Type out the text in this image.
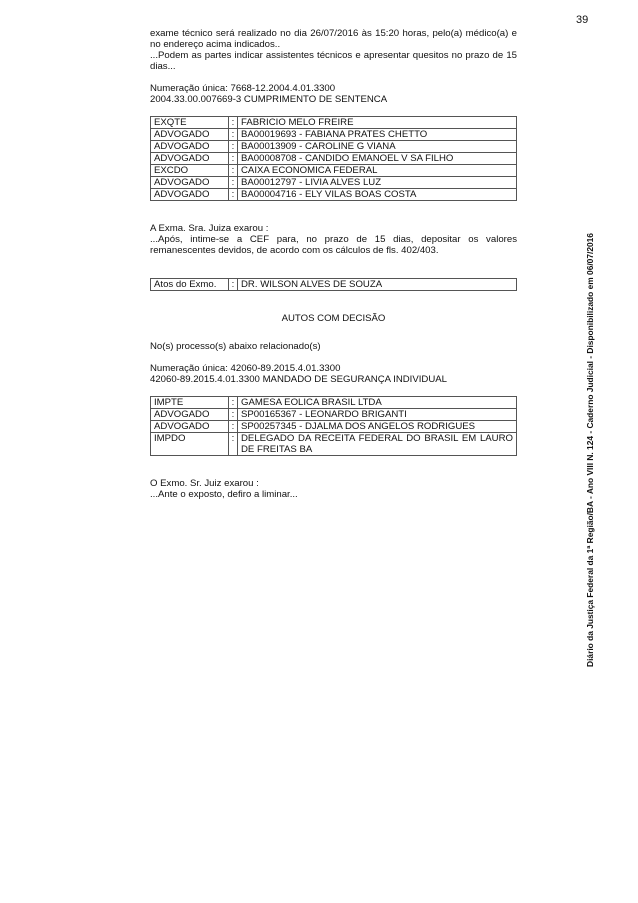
39
Diário da Justiça Federal da 1ª Região/BA - Ano VIII N. 124 - Caderno Judicial - Disponibilizado em 06/07/2016

exame técnico será realizado no dia 26/07/2016 às 15:20 horas, pelo(a) médico(a) e no endereço acima indicados..

...Podem as partes indicar assistentes técnicos e apresentar quesitos no prazo de 15 dias...

Numeração única: 7668-12.2004.4.01.3300

2004.33.00.007669-3 CUMPRIMENTO DE SENTENCA

EXQTE	:	FABRICIO MELO FREIRE
ADVOGADO	:	BA00019693 - FABIANA PRATES CHETTO
ADVOGADO	:	BA00013909 - CAROLINE G VIANA
ADVOGADO	:	BA00008708 - CANDIDO EMANOEL V SA FILHO
EXCDO	:	CAIXA ECONOMICA FEDERAL
ADVOGADO	:	BA00012797 - LIVIA ALVES LUZ
ADVOGADO	:	BA00004716 - ELY VILAS BOAS COSTA

A Exma. Sra. Juiza exarou :

...Após, intime-se a CEF para, no prazo de 15 dias, depositar os valores remanescentes devidos, de acordo com os cálculos de fls. 402/403.

Atos do Exmo.	:	DR. WILSON ALVES DE SOUZA

AUTOS COM DECISÃO

No(s) processo(s) abaixo relacionado(s)

Numeração única: 42060-89.2015.4.01.3300

42060-89.2015.4.01.3300 MANDADO DE SEGURANÇA INDIVIDUAL

IMPTE	:	GAMESA EOLICA BRASIL LTDA
ADVOGADO	:	SP00165367 - LEONARDO BRIGANTI
ADVOGADO	:	SP00257345 - DJALMA DOS ANGELOS RODRIGUES
IMPDO	:	DELEGADO DA RECEITA FEDERAL DO BRASIL EM LAURO DE FREITAS BA

O Exmo. Sr. Juiz exarou :

...Ante o exposto, defiro a liminar...
